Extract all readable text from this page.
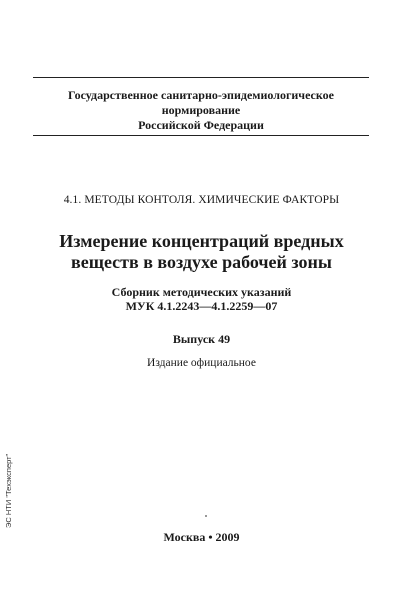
Государственное санитарно-эпидемиологическое нормирование
Российской Федерации
4.1. МЕТОДЫ КОНТОЛЯ. ХИМИЧЕСКИЕ ФАКТОРЫ
Измерение концентраций вредных
веществ в воздухе рабочей зоны
Сборник методических указаний
МУК 4.1.2243—4.1.2259—07
Выпуск 49
Издание официальное
Москва • 2009
ЭС НТИ "Техэксперт"
